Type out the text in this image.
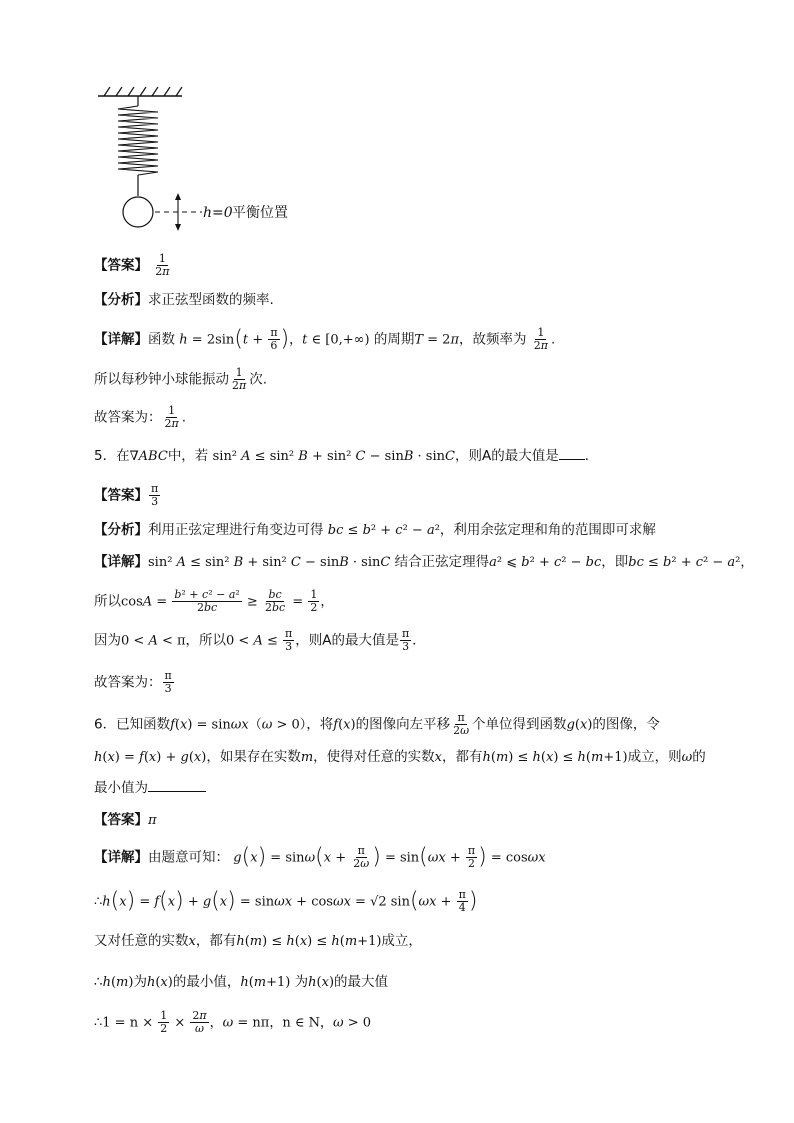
h=0 平衡位置
【答案】 $\frac{1}{2\pi}$
【分析】求正弦型函数的频率.
【详解】函数 $h = 2\sin(t + \frac{\pi}{6}$ )，t ∈ [0,+∞) 的周期T = 2π，故频率为 $\frac{1}{2\pi}$ .
所以每秒钟小球能振动 $\frac{1}{2\pi}$ 次.
故答案为： $\frac{1}{2\pi}$ .
5．在∇ABC中，若 sin² A ≤ sin² B + sin² C − sinB · sinC，则A的最大值是 ．
【答案】 $\frac{\pi}{3}$
【分析】利用正弦定理进行角变边可得 bc ≤ b² + c² − a²，利用余弦定理和角的范围即可求解
【详解】sin² A ≤ sin² B + sin² C − sinB · sinC 结合正弦定理得a² ⩽ b² + c² − bc，即bc ≤ b² + c² − a²，
所以$\cos A = \frac{\text{b² + c² − a²}}{2bc} \ge \frac{bc}{2bc} = \frac{1}{2}$ ，
因为0 < A < π，所以$0 < A \le \frac{\pi}{3}$ ，则A的最大值是 $\frac{\pi}{3}$ ．
故答案为： $\frac{\pi}{3}$
6．已知函数f(x) = sinωx（ω > 0），将f(x)的图像向左平移 $\frac{\pi}{2\omega}$ 个单位得到函数g(x)的图像，令
h(x) = f(x) + g(x)，如果存在实数m，使得对任意的实数x，都有h(m) ≤ h(x) ≤ h(m+1)成立，则ω的
最小值为
【答案】π
【详解】由题意可知： $g(x) = \sin\omega(x + \frac{\pi}{2\omega}$ ) = $\sin(\omega x + \frac{\pi}{2}$ ) = cosωx
∴h(x) = f(x) + g(x) = sinωx + cosωx = √2 $\sin(\omega x + \frac{\pi}{4}$ )
又对任意的实数x，都有h(m) ≤ h(x) ≤ h(m+1)成立，
∴h(m)为h(x)的最小值，h(m+1) 为h(x)的最大值
∴1 = $n \times \frac{1}{2} \times \frac{2\pi}{\omega}$ ，ω = nπ，n ∈ N，ω > 0
